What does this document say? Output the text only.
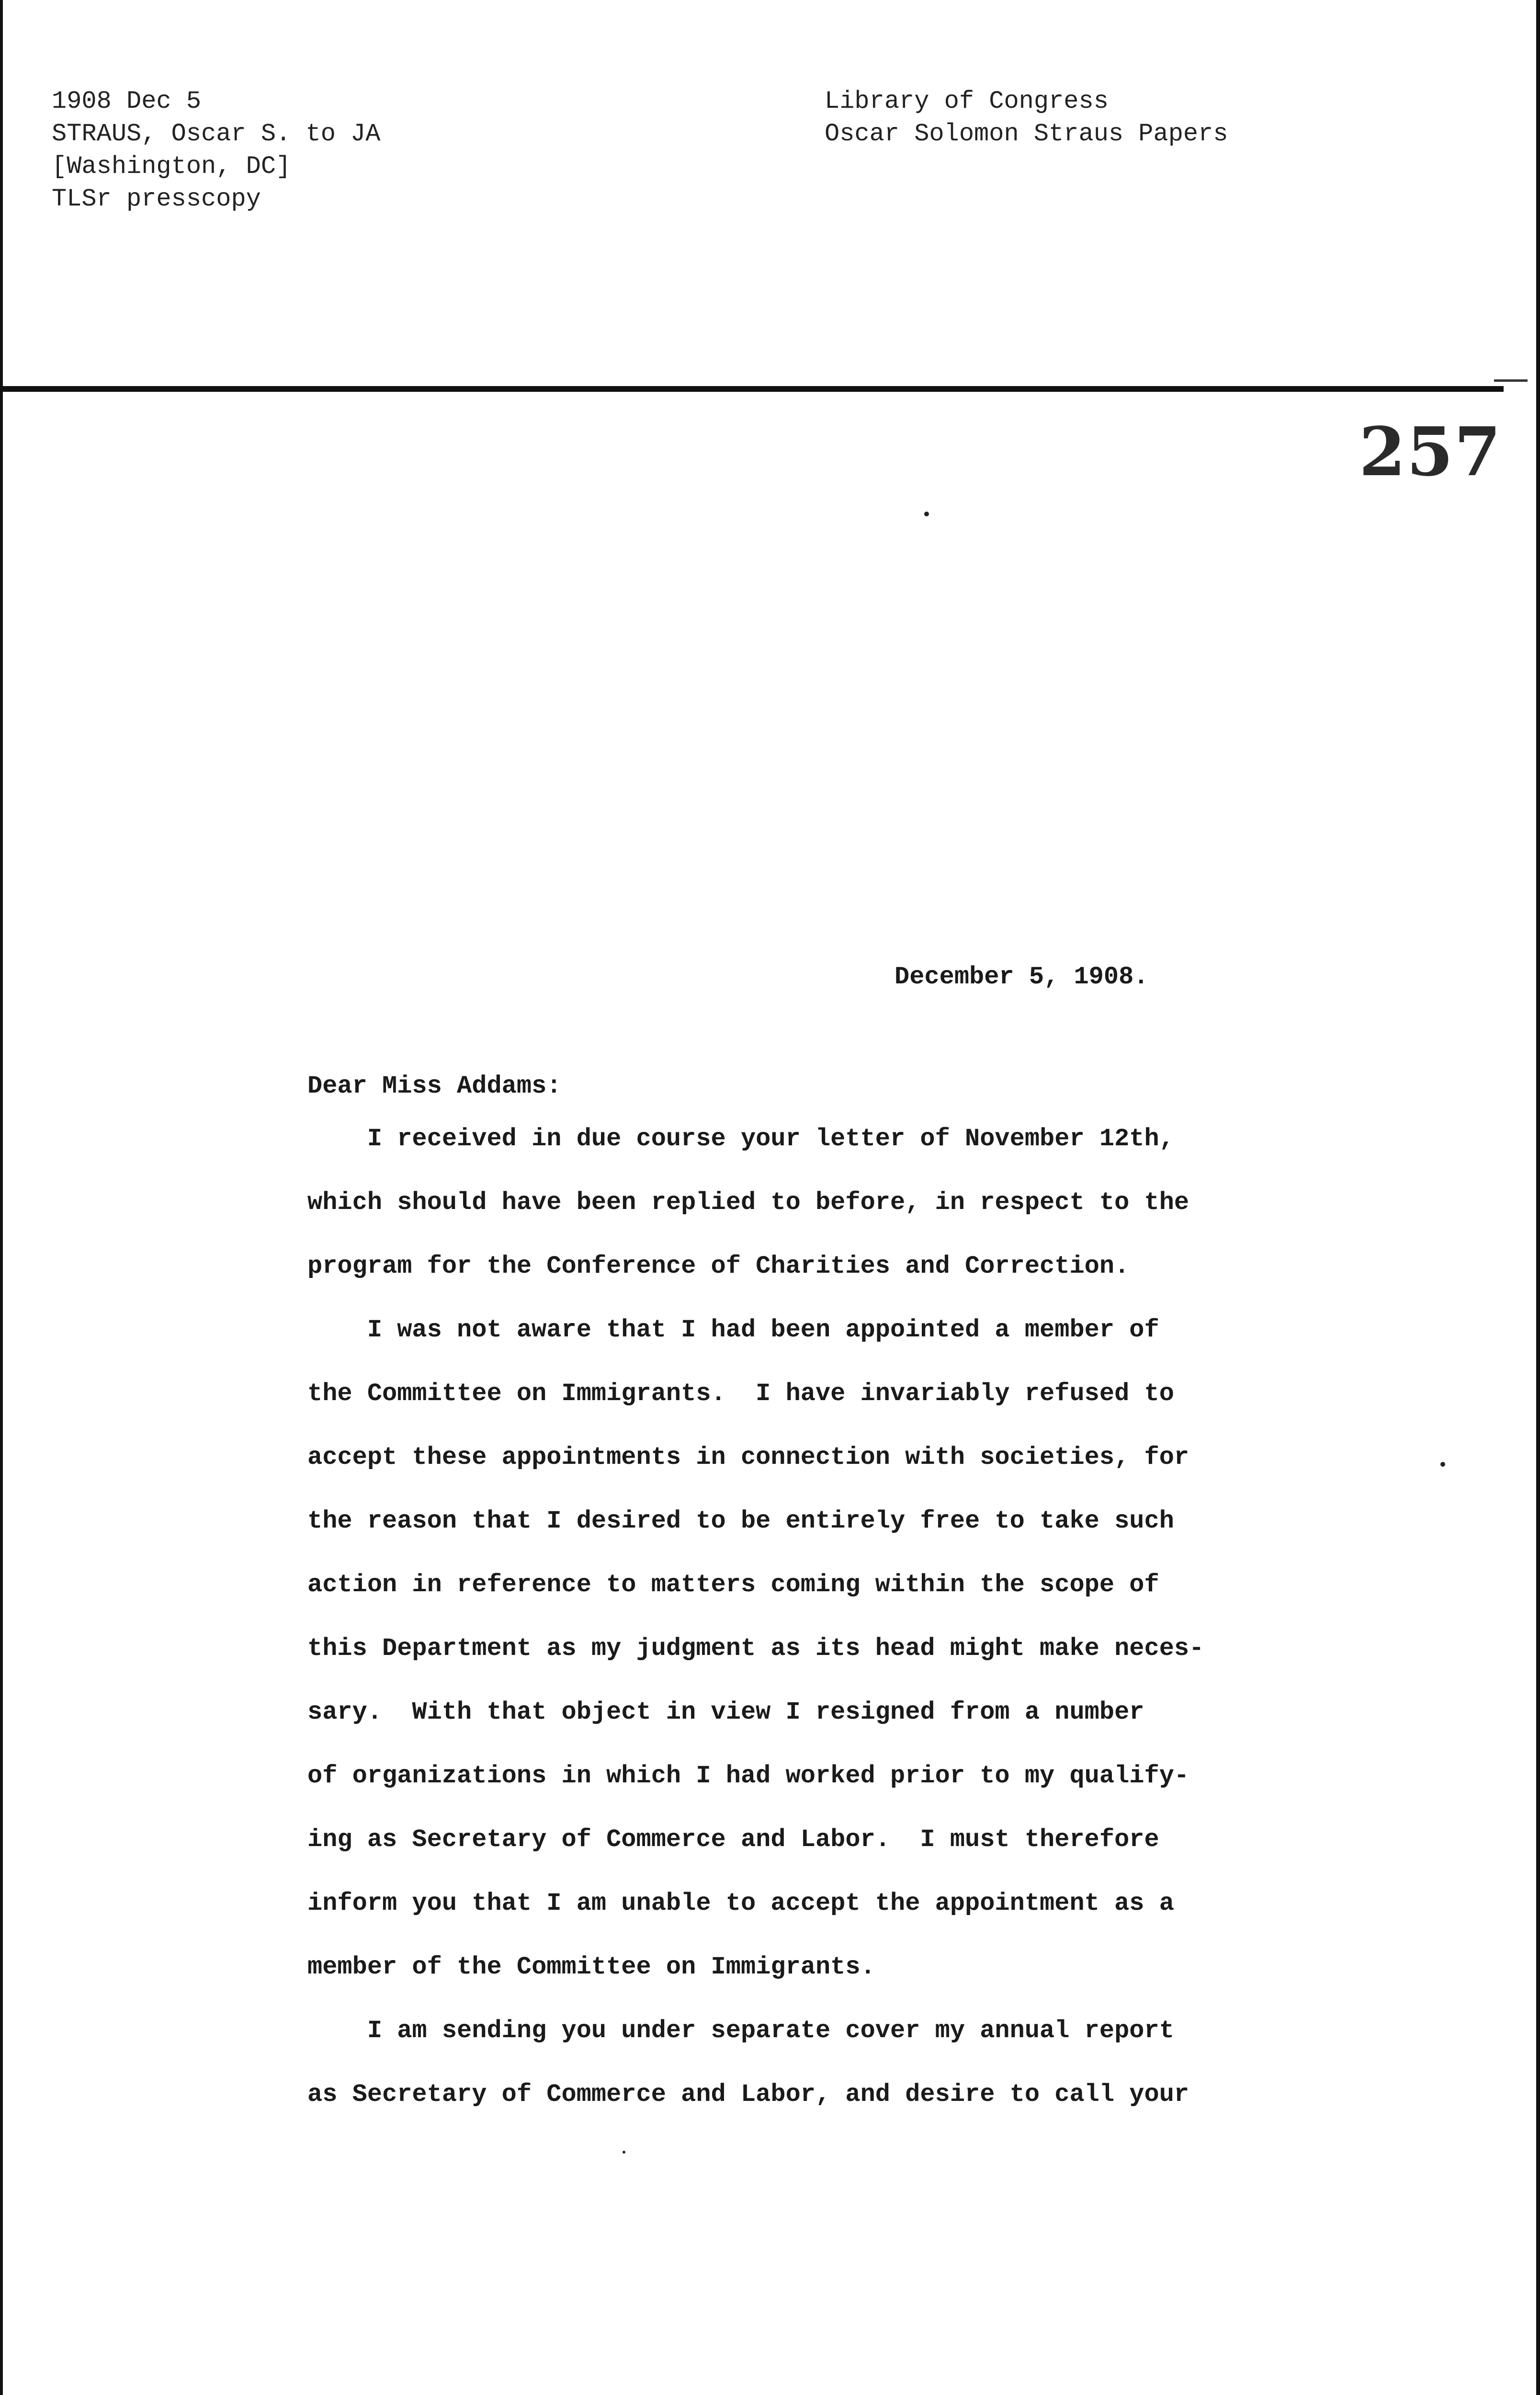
1908 Dec 5
STRAUS, Oscar S. to JA
[Washington, DC]
TLSr presscopy
Library of Congress
Oscar Solomon Straus Papers
257
December 5, 1908.
Dear Miss Addams:
I received in due course your letter of November 12th,
which should have been replied to before, in respect to the
program for the Conference of Charities and Correction.
I was not aware that I had been appointed a member of
the Committee on Immigrants.  I have invariably refused to
accept these appointments in connection with societies, for
the reason that I desired to be entirely free to take such
action in reference to matters coming within the scope of
this Department as my judgment as its head might make neces-
sary.  With that object in view I resigned from a number
of organizations in which I had worked prior to my qualify-
ing as Secretary of Commerce and Labor.  I must therefore
inform you that I am unable to accept the appointment as a
member of the Committee on Immigrants.
I am sending you under separate cover my annual report
as Secretary of Commerce and Labor, and desire to call your
